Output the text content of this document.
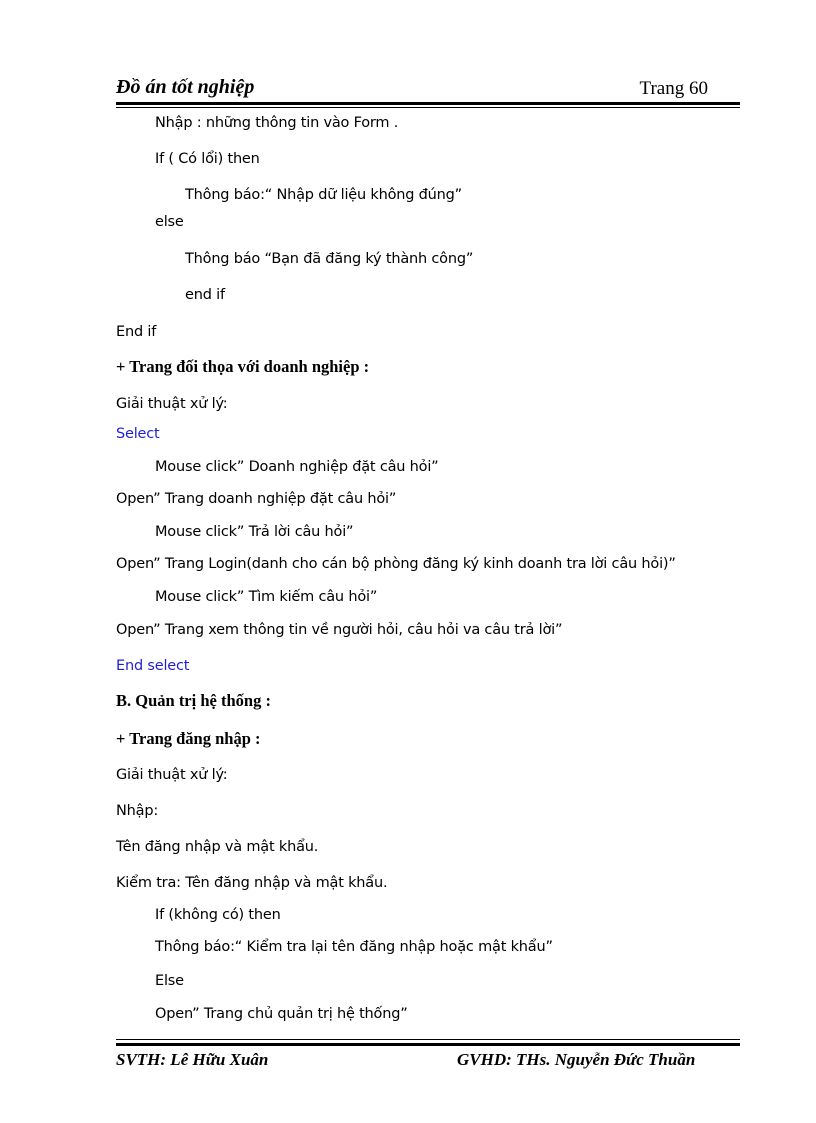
Đồ án tốt nghiệp	Trang 60
Nhập : những thông tin vào Form .
If ( Có lổi) then
Thông báo:“ Nhập dữ liệu không đúng”
else
Thông báo “Bạn đã đăng ký thành công”
end if
End if
+ Trang đối thọa với doanh nghiệp :
Giải thuật xử lý:
Select
Mouse click” Doanh nghiệp đặt câu hỏi”
Open” Trang doanh nghiệp đặt câu hỏi”
Mouse click” Trả lời câu hỏi”
Open” Trang Login(danh cho cán bộ phòng đăng ký kinh doanh tra lời câu hỏi)”
Mouse click” Tìm kiếm câu hỏi”
Open” Trang xem thông tin về người hỏi, câu hỏi va câu trả lời”
End select
B. Quản trị hệ thống :
+ Trang đăng nhập :
Giải thuật xử lý:
Nhập:
Tên đăng nhập và mật khẩu.
Kiểm tra: Tên đăng nhập và mật khẩu.
If (không có) then
Thông báo:“ Kiểm tra lại tên đăng nhập hoặc mật khẩu”
Else
Open” Trang chủ quản trị hệ thống”
SVTH: Lê Hữu Xuân	GVHD: THs. Nguyễn Đức Thuần
